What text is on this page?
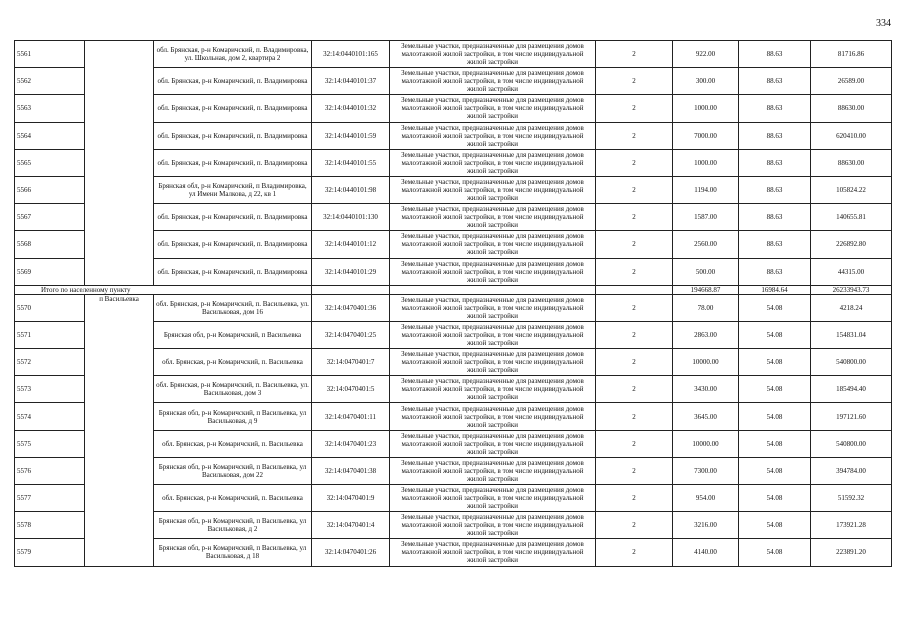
334
5561		обл. Брянская, р-н Комаричский, п. Владимировка, ул. Школьная, дом 2, квартира 2	32:14:0440101:165	Земельные участки, предназначенные для размещения домов малоэтажной жилой застройки, в том числе индивидуальной жилой застройки	2	922.00	88.63	81716.86
5562		обл. Брянская, р-н Комаричский, п. Владимировка	32:14:0440101:37	Земельные участки, предназначенные для размещения домов малоэтажной жилой застройки, в том числе индивидуальной жилой застройки	2	300.00	88.63	26589.00
5563		обл. Брянская, р-н Комаричский, п. Владимировка	32:14:0440101:32	Земельные участки, предназначенные для размещения домов малоэтажной жилой застройки, в том числе индивидуальной жилой застройки	2	1000.00	88.63	88630.00
5564		обл. Брянская, р-н Комаричский, п. Владимировка	32:14:0440101:59	Земельные участки, предназначенные для размещения домов малоэтажной жилой застройки, в том числе индивидуальной жилой застройки	2	7000.00	88.63	620410.00
5565		обл. Брянская, р-н Комаричский, п. Владимировка	32:14:0440101:55	Земельные участки, предназначенные для размещения домов малоэтажной жилой застройки, в том числе индивидуальной жилой застройки	2	1000.00	88.63	88630.00
5566		Брянская обл, р-н Комаричский, п Владимировка, ул Имени Малкова, д 22, кв 1	32:14:0440101:98	Земельные участки, предназначенные для размещения домов малоэтажной жилой застройки, в том числе индивидуальной жилой застройки	2	1194.00	88.63	105824.22
5567		обл. Брянская, р-н Комаричский, п. Владимировка	32:14:0440101:130	Земельные участки, предназначенные для размещения домов малоэтажной жилой застройки, в том числе индивидуальной жилой застройки	2	1587.00	88.63	140655.81
5568		обл. Брянская, р-н Комаричский, п. Владимировка	32:14:0440101:12	Земельные участки, предназначенные для размещения домов малоэтажной жилой застройки, в том числе индивидуальной жилой застройки	2	2560.00	88.63	226892.80
5569		обл. Брянская, р-н Комаричский, п. Владимировка	32:14:0440101:29	Земельные участки, предназначенные для размещения домов малоэтажной жилой застройки, в том числе индивидуальной жилой застройки	2	500.00	88.63	44315.00
Итого по населенному пункту						194668.87	16984.64	26233943.73
5570	п Васильевка	обл. Брянская, р-н Комаричский, п. Васильевка, ул. Васильковая, дом 16	32:14:0470401:36	Земельные участки, предназначенные для размещения домов малоэтажной жилой застройки, в том числе индивидуальной жилой застройки	2	78.00	54.08	4218.24
5571		Брянская обл, р-н Комаричский, п Васильевка	32:14:0470401:25	Земельные участки, предназначенные для размещения домов малоэтажной жилой застройки, в том числе индивидуальной жилой застройки	2	2863.00	54.08	154831.04
5572		обл. Брянская, р-н Комаричский, п. Васильевка	32:14:0470401:7	Земельные участки, предназначенные для размещения домов малоэтажной жилой застройки, в том числе индивидуальной жилой застройки	2	10000.00	54.08	540800.00
5573		обл. Брянская, р-н Комаричский, п. Васильевка, ул. Васильковая, дом 3	32:14:0470401:5	Земельные участки, предназначенные для размещения домов малоэтажной жилой застройки, в том числе индивидуальной жилой застройки	2	3430.00	54.08	185494.40
5574		Брянская обл, р-н Комаричский, п Васильевка, ул Васильковая, д 9	32:14:0470401:11	Земельные участки, предназначенные для размещения домов малоэтажной жилой застройки, в том числе индивидуальной жилой застройки	2	3645.00	54.08	197121.60
5575		обл. Брянская, р-н Комаричский, п. Васильевка	32:14:0470401:23	Земельные участки, предназначенные для размещения домов малоэтажной жилой застройки, в том числе индивидуальной жилой застройки	2	10000.00	54.08	540800.00
5576		Брянская обл, р-н Комаричский, п Васильевка, ул Васильковая, дом 22	32:14:0470401:38	Земельные участки, предназначенные для размещения домов малоэтажной жилой застройки, в том числе индивидуальной жилой застройки	2	7300.00	54.08	394784.00
5577		обл. Брянская, р-н Комаричский, п. Васильевка	32:14:0470401:9	Земельные участки, предназначенные для размещения домов малоэтажной жилой застройки, в том числе индивидуальной жилой застройки	2	954.00	54.08	51592.32
5578		Брянская обл, р-н Комаричский, п Васильевка, ул Васильковая, д 2	32:14:0470401:4	Земельные участки, предназначенные для размещения домов малоэтажной жилой застройки, в том числе индивидуальной жилой застройки	2	3216.00	54.08	173921.28
5579		Брянская обл, р-н Комаричский, п Васильевка, ул Васильковая, д 18	32:14:0470401:26	Земельные участки, предназначенные для размещения домов малоэтажной жилой застройки, в том числе индивидуальной жилой застройки	2	4140.00	54.08	223891.20
